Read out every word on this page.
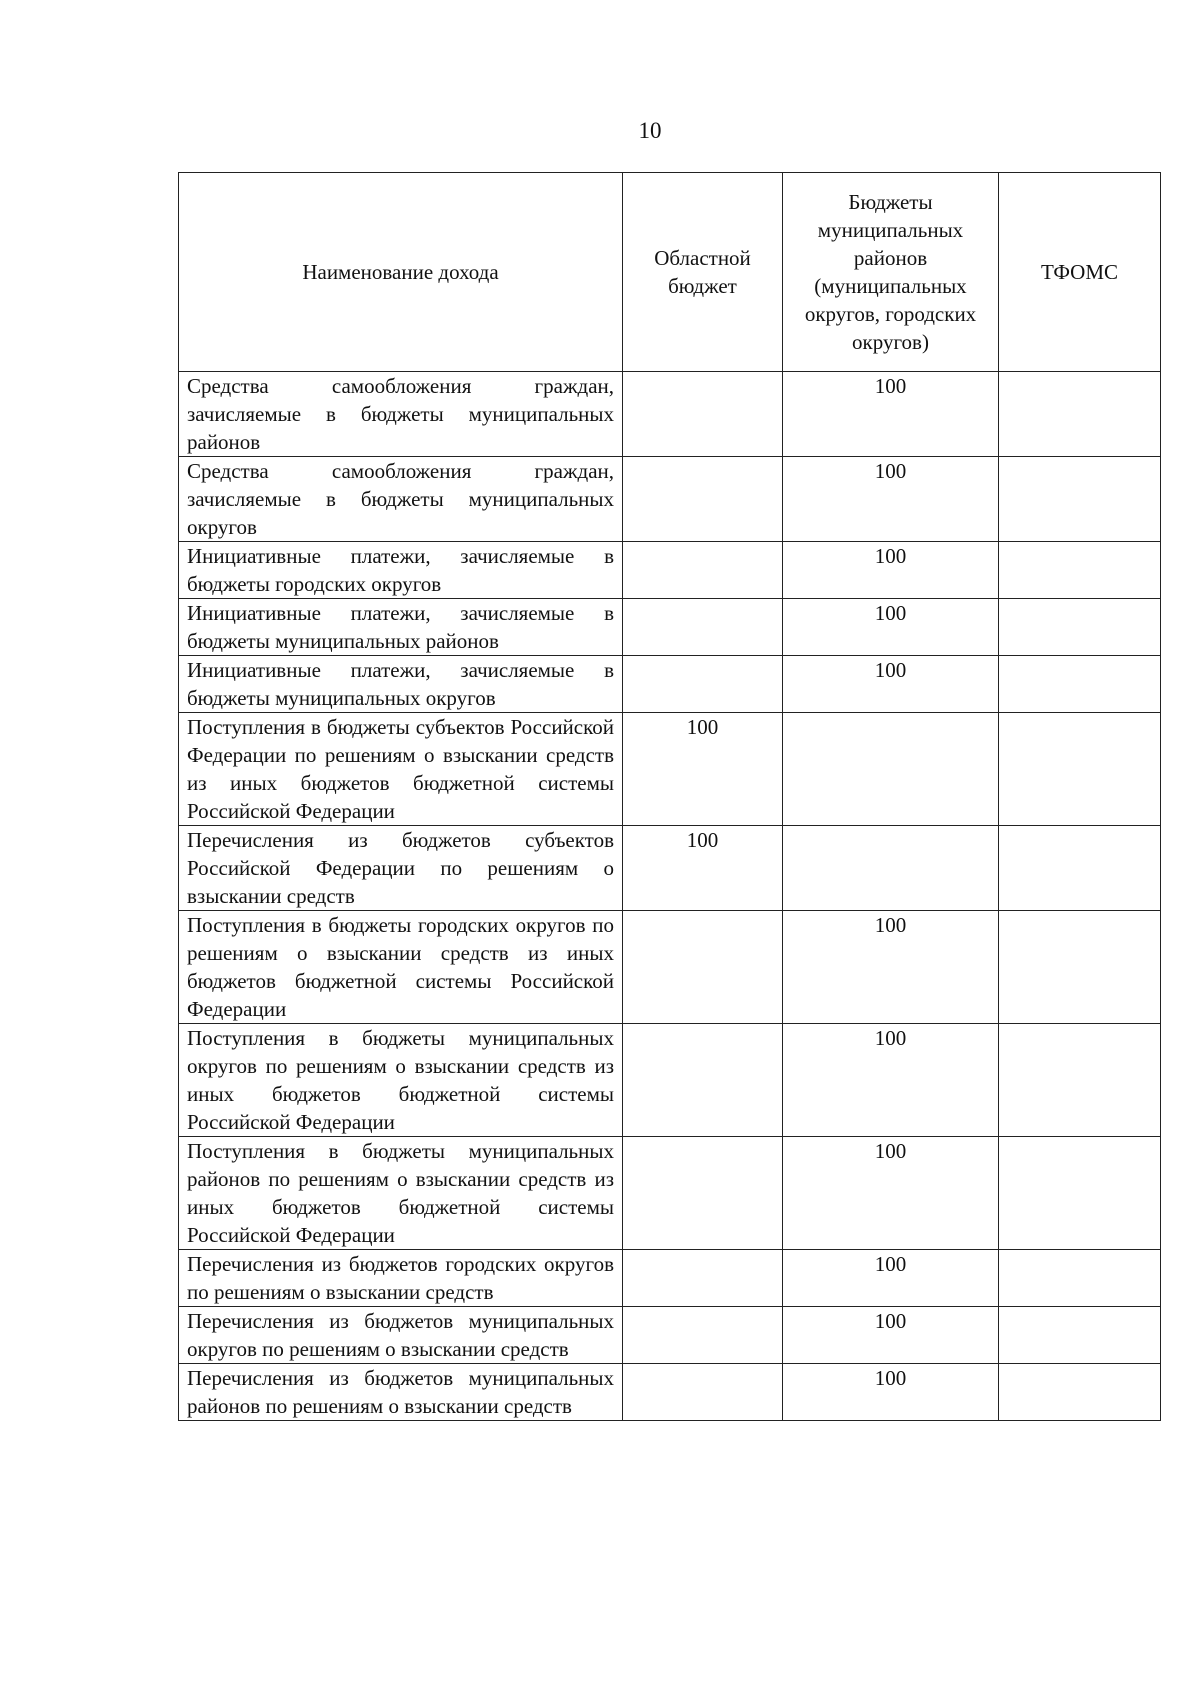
10
Наименование дохода	Областной бюджет	Бюджеты муниципальных районов (муниципальных округов, городских округов)	ТФОМС
Средства самообложения граждан, зачисляемые в бюджеты муниципальных районов		100	
Средства самообложения граждан, зачисляемые в бюджеты муниципальных округов		100	
Инициативные платежи, зачисляемые в бюджеты городских округов		100	
Инициативные платежи, зачисляемые в бюджеты муниципальных районов		100	
Инициативные платежи, зачисляемые в бюджеты муниципальных округов		100	
Поступления в бюджеты субъектов Российской Федерации по решениям о взыскании средств из иных бюджетов бюджетной системы Российской Федерации	100		
Перечисления из бюджетов субъектов Российской Федерации по решениям о взыскании средств	100		
Поступления в бюджеты городских округов по решениям о взыскании средств из иных бюджетов бюджетной системы Российской Федерации		100	
Поступления в бюджеты муниципальных округов по решениям о взыскании средств из иных бюджетов бюджетной системы Российской Федерации		100	
Поступления в бюджеты муниципальных районов по решениям о взыскании средств из иных бюджетов бюджетной системы Российской Федерации		100	
Перечисления из бюджетов городских округов по решениям о взыскании средств		100	
Перечисления из бюджетов муниципальных округов по решениям о взыскании средств		100	
Перечисления из бюджетов муниципальных районов по решениям о взыскании средств		100	
